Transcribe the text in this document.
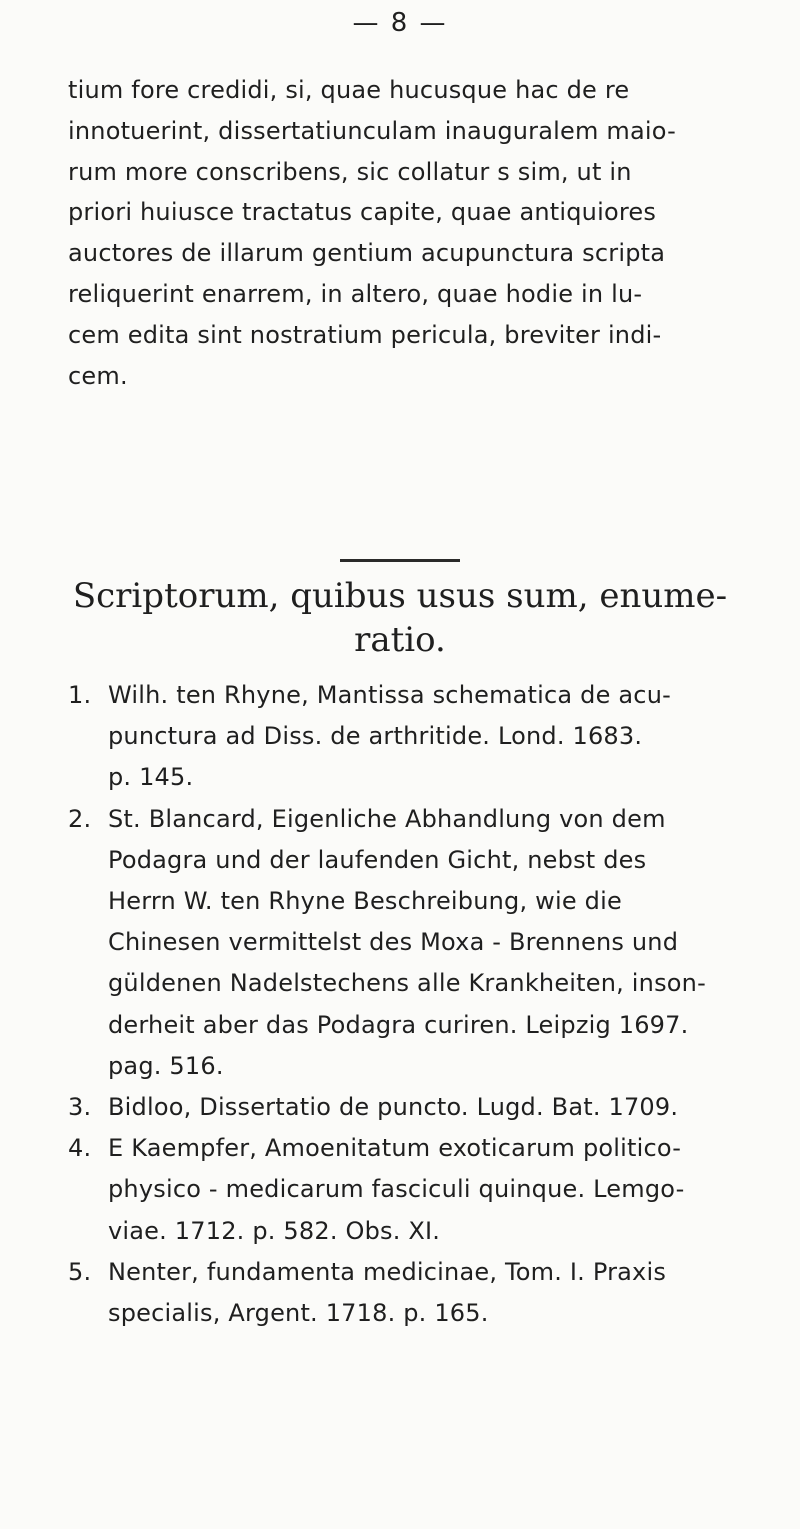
— 8 —
tium fore credidi, si, quae hucusque hac de re
innotuerint, dissertatiunculam inauguralem maio-
rum more conscribens, sic collatur s sim, ut in
priori huiusce tractatus capite, quae antiquiores
auctores de illarum gentium acupunctura scripta
reliquerint enarrem, in altero, quae hodie in lu-
cem edita sint nostratium pericula, breviter indi-
cem.
Scriptorum, quibus usus sum, enume-
ratio.
1. Wilh. ten Rhyne, Mantissa schematica de acu-
punctura ad Diss. de arthritide. Lond. 1683.
p. 145.
2. St. Blancard, Eigenliche Abhandlung von dem
Podagra und der laufenden Gicht, nebst des
Herrn W. ten Rhyne Beschreibung, wie die
Chinesen vermittelst des Moxa - Brennens und
güldenen Nadelstechens alle Krankheiten, inson-
derheit aber das Podagra curiren. Leipzig 1697.
pag. 516.
3. Bidloo, Dissertatio de puncto. Lugd. Bat. 1709.
4. E Kaempfer, Amoenitatum exoticarum politico-
physico - medicarum fasciculi quinque. Lemgo-
viae. 1712. p. 582. Obs. XI.
5. Nenter, fundamenta medicinae, Tom. I. Praxis
specialis, Argent. 1718. p. 165.
